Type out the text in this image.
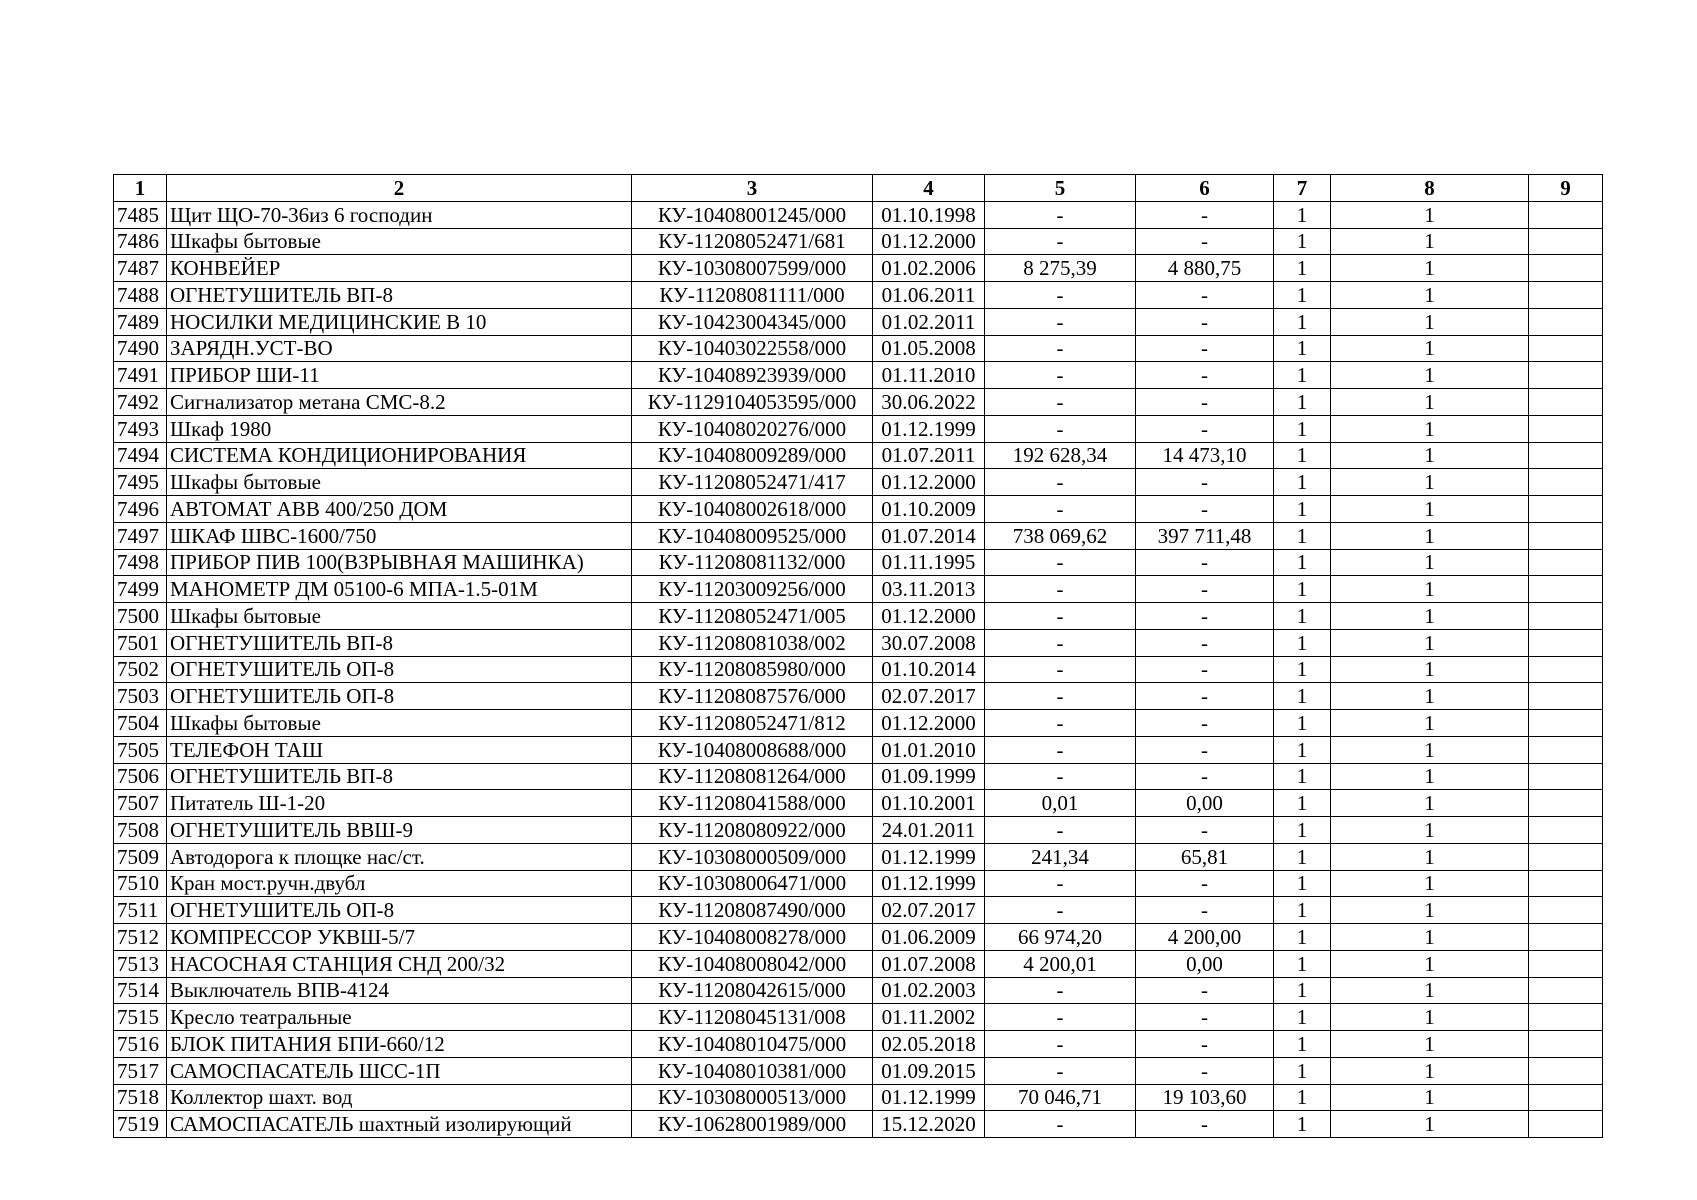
1	2	3	4	5	6	7	8	9
7485	Щит ЩО-70-36из 6 господин	КУ-10408001245/000	01.10.1998	-	-	1	1	
7486	Шкафы бытовые	КУ-11208052471/681	01.12.2000	-	-	1	1	
7487	КОНВЕЙЕР	КУ-10308007599/000	01.02.2006	8 275,39	4 880,75	1	1	
7488	ОГНЕТУШИТЕЛЬ ВП-8	КУ-11208081111/000	01.06.2011	-	-	1	1	
7489	НОСИЛКИ МЕДИЦИНСКИЕ В 10	КУ-10423004345/000	01.02.2011	-	-	1	1	
7490	ЗАРЯДН.УСТ-ВО	КУ-10403022558/000	01.05.2008	-	-	1	1	
7491	ПРИБОР ШИ-11	КУ-10408923939/000	01.11.2010	-	-	1	1	
7492	Сигнализатор метана СМС-8.2	КУ-1129104053595/000	30.06.2022	-	-	1	1	
7493	Шкаф 1980	КУ-10408020276/000	01.12.1999	-	-	1	1	
7494	СИСТЕМА КОНДИЦИОНИРОВАНИЯ	КУ-10408009289/000	01.07.2011	192 628,34	14 473,10	1	1	
7495	Шкафы бытовые	КУ-11208052471/417	01.12.2000	-	-	1	1	
7496	АВТОМАТ АВВ 400/250 ДОМ	КУ-10408002618/000	01.10.2009	-	-	1	1	
7497	ШКАФ ШВС-1600/750	КУ-10408009525/000	01.07.2014	738 069,62	397 711,48	1	1	
7498	ПРИБОР ПИВ 100(ВЗРЫВНАЯ МАШИНКА)	КУ-11208081132/000	01.11.1995	-	-	1	1	
7499	МАНОМЕТР ДМ 05100-6 МПА-1.5-01М	КУ-11203009256/000	03.11.2013	-	-	1	1	
7500	Шкафы бытовые	КУ-11208052471/005	01.12.2000	-	-	1	1	
7501	ОГНЕТУШИТЕЛЬ ВП-8	КУ-11208081038/002	30.07.2008	-	-	1	1	
7502	ОГНЕТУШИТЕЛЬ ОП-8	КУ-11208085980/000	01.10.2014	-	-	1	1	
7503	ОГНЕТУШИТЕЛЬ ОП-8	КУ-11208087576/000	02.07.2017	-	-	1	1	
7504	Шкафы бытовые	КУ-11208052471/812	01.12.2000	-	-	1	1	
7505	ТЕЛЕФОН ТАШ	КУ-10408008688/000	01.01.2010	-	-	1	1	
7506	ОГНЕТУШИТЕЛЬ ВП-8	КУ-11208081264/000	01.09.1999	-	-	1	1	
7507	Питатель Ш-1-20	КУ-11208041588/000	01.10.2001	0,01	0,00	1	1	
7508	ОГНЕТУШИТЕЛЬ ВВШ-9	КУ-11208080922/000	24.01.2011	-	-	1	1	
7509	Автодорога к площке нас/ст.	КУ-10308000509/000	01.12.1999	241,34	65,81	1	1	
7510	Кран мост.ручн.двубл	КУ-10308006471/000	01.12.1999	-	-	1	1	
7511	ОГНЕТУШИТЕЛЬ ОП-8	КУ-11208087490/000	02.07.2017	-	-	1	1	
7512	КОМПРЕССОР УКВШ-5/7	КУ-10408008278/000	01.06.2009	66 974,20	4 200,00	1	1	
7513	НАСОСНАЯ СТАНЦИЯ СНД 200/32	КУ-10408008042/000	01.07.2008	4 200,01	0,00	1	1	
7514	Выключатель ВПВ-4124	КУ-11208042615/000	01.02.2003	-	-	1	1	
7515	Кресло театральные	КУ-11208045131/008	01.11.2002	-	-	1	1	
7516	БЛОК ПИТАНИЯ БПИ-660/12	КУ-10408010475/000	02.05.2018	-	-	1	1	
7517	САМОСПАСАТЕЛЬ ШСС-1П	КУ-10408010381/000	01.09.2015	-	-	1	1	
7518	Коллектор шахт. вод	КУ-10308000513/000	01.12.1999	70 046,71	19 103,60	1	1	
7519	САМОСПАСАТЕЛЬ шахтный изолирующий	КУ-10628001989/000	15.12.2020	-	-	1	1	
